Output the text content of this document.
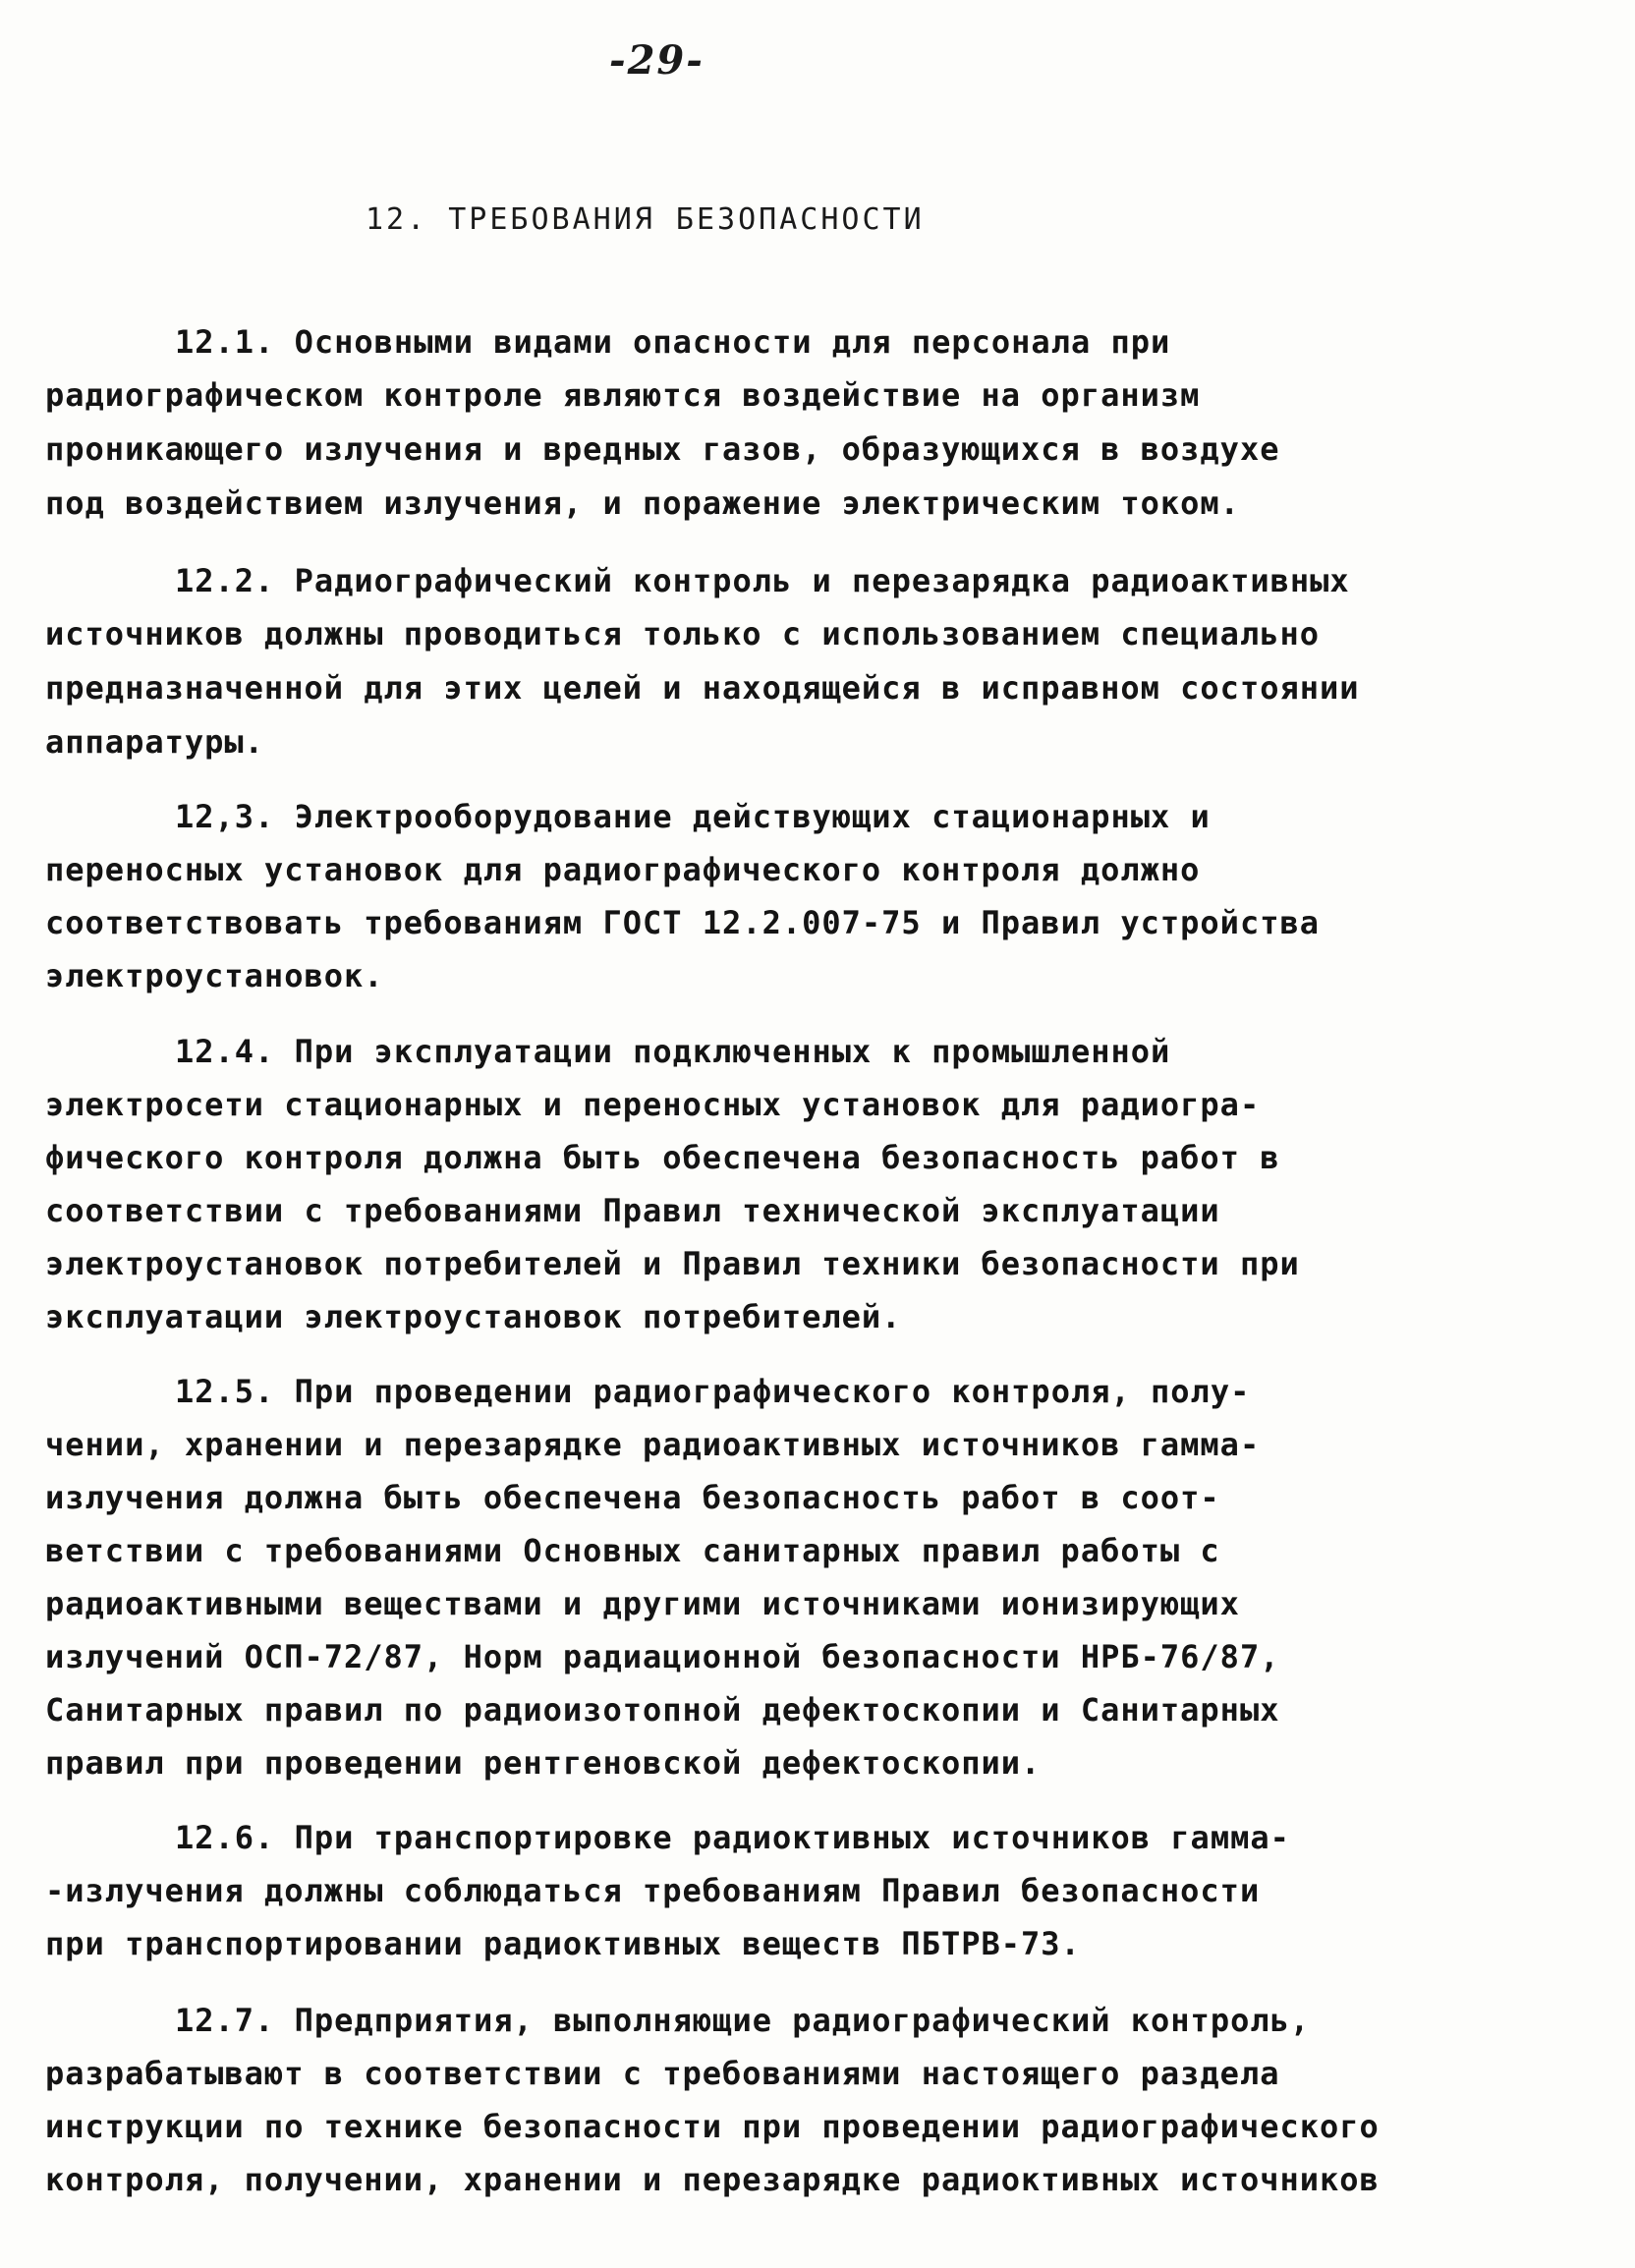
-29-
12. ТРЕБОВАНИЯ БЕЗОПАСНОСТИ
12.1. Основными видами опасности для персонала при
радиографическом контроле являются воздействие на организм
проникающего излучения и вредных газов, образующихся в воздухе
под воздействием излучения, и поражение электрическим током.
12.2. Радиографический контроль и перезарядка радиоактивных
источников должны проводиться только с использованием специально
предназначенной для этих целей и находящейся в исправном состоянии
аппаратуры.
12,3. Электрооборудование действующих стационарных и
переносных установок для радиографического контроля должно
соответствовать требованиям ГОСТ 12.2.007-75 и Правил устройства
электроустановок.
12.4. При эксплуатации подключенных к промышленной
электросети стационарных и переносных установок для радиогра-
фического контроля должна быть обеспечена безопасность работ в
соответствии с требованиями Правил технической эксплуатации
электроустановок потребителей и Правил техники безопасности при
эксплуатации электроустановок потребителей.
12.5. При проведении радиографического контроля, полу-
чении, хранении и перезарядке радиоактивных источников гамма-
излучения должна быть обеспечена безопасность работ в соот-
ветствии с требованиями Основных санитарных правил работы с
радиоактивными веществами и другими источниками ионизирующих
излучений ОСП-72/87, Норм радиационной безопасности НРБ-76/87,
Санитарных правил по радиоизотопной дефектоскопии и Санитарных
правил при проведении рентгеновской дефектоскопии.
12.6. При транспортировке радиоктивных источников гамма-
-излучения должны соблюдаться требованиям Правил безопасности
при транспортировании радиоктивных веществ ПБТРВ-73.
12.7. Предприятия, выполняющие радиографический контроль,
разрабатывают в соответствии с требованиями настоящего раздела
инструкции по технике безопасности при проведении радиографического
контроля, получении, хранении и перезарядке радиоктивных источников
